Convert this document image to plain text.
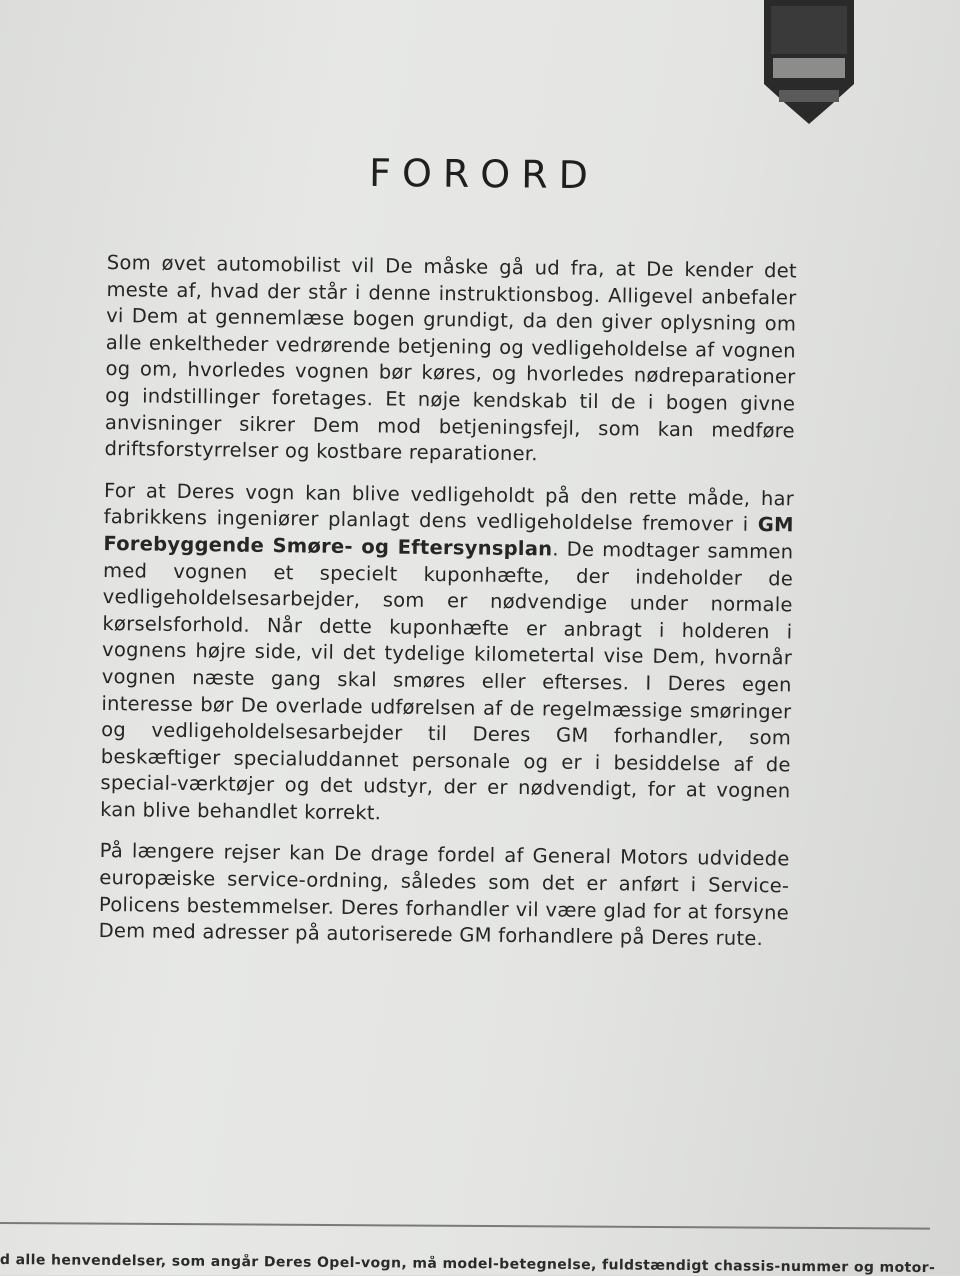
FORORD

Som øvet automobilist vil De måske gå ud fra, at De kender det meste af, hvad der står i denne instruktionsbog. Alligevel anbefaler vi Dem at gennemlæse bogen grundigt, da den giver oplysning om alle enkeltheder vedrørende betjening og vedligeholdelse af vognen og om, hvorledes vognen bør køres, og hvorledes nødreparationer og indstillinger foretages. Et nøje kendskab til de i bogen givne anvisninger sikrer Dem mod betjeningsfejl, som kan medføre driftsforstyrrelser og kostbare reparationer.

For at Deres vogn kan blive vedligeholdt på den rette måde, har fabrikkens ingeniører planlagt dens vedligeholdelse fremover i GM Forebyggende Smøre- og Eftersynsplan. De modtager sammen med vognen et specielt kuponhæfte, der indeholder de vedligeholdelsesarbejder, som er nødvendige under normale kørselsforhold. Når dette kuponhæfte er anbragt i holderen i vognens højre side, vil det tydelige kilometertal vise Dem, hvornår vognen næste gang skal smøres eller efterses. I Deres egen interesse bør De overlade udførelsen af de regelmæssige smøringer og vedligeholdelsesarbejder til Deres GM forhandler, som beskæftiger specialuddannet personale og er i besiddelse af de special-værktøjer og det udstyr, der er nødvendigt, for at vognen kan blive behandlet korrekt.

På længere rejser kan De drage fordel af General Motors udvidede europæiske service-ordning, således som det er anført i Service-Policens bestemmelser. Deres forhandler vil være glad for at forsyne Dem med adresser på autoriserede GM forhandlere på Deres rute.

d alle henvendelser, som angår Deres Opel-vogn, må model-betegnelse, fuldstændigt chassis-nummer og motor-
